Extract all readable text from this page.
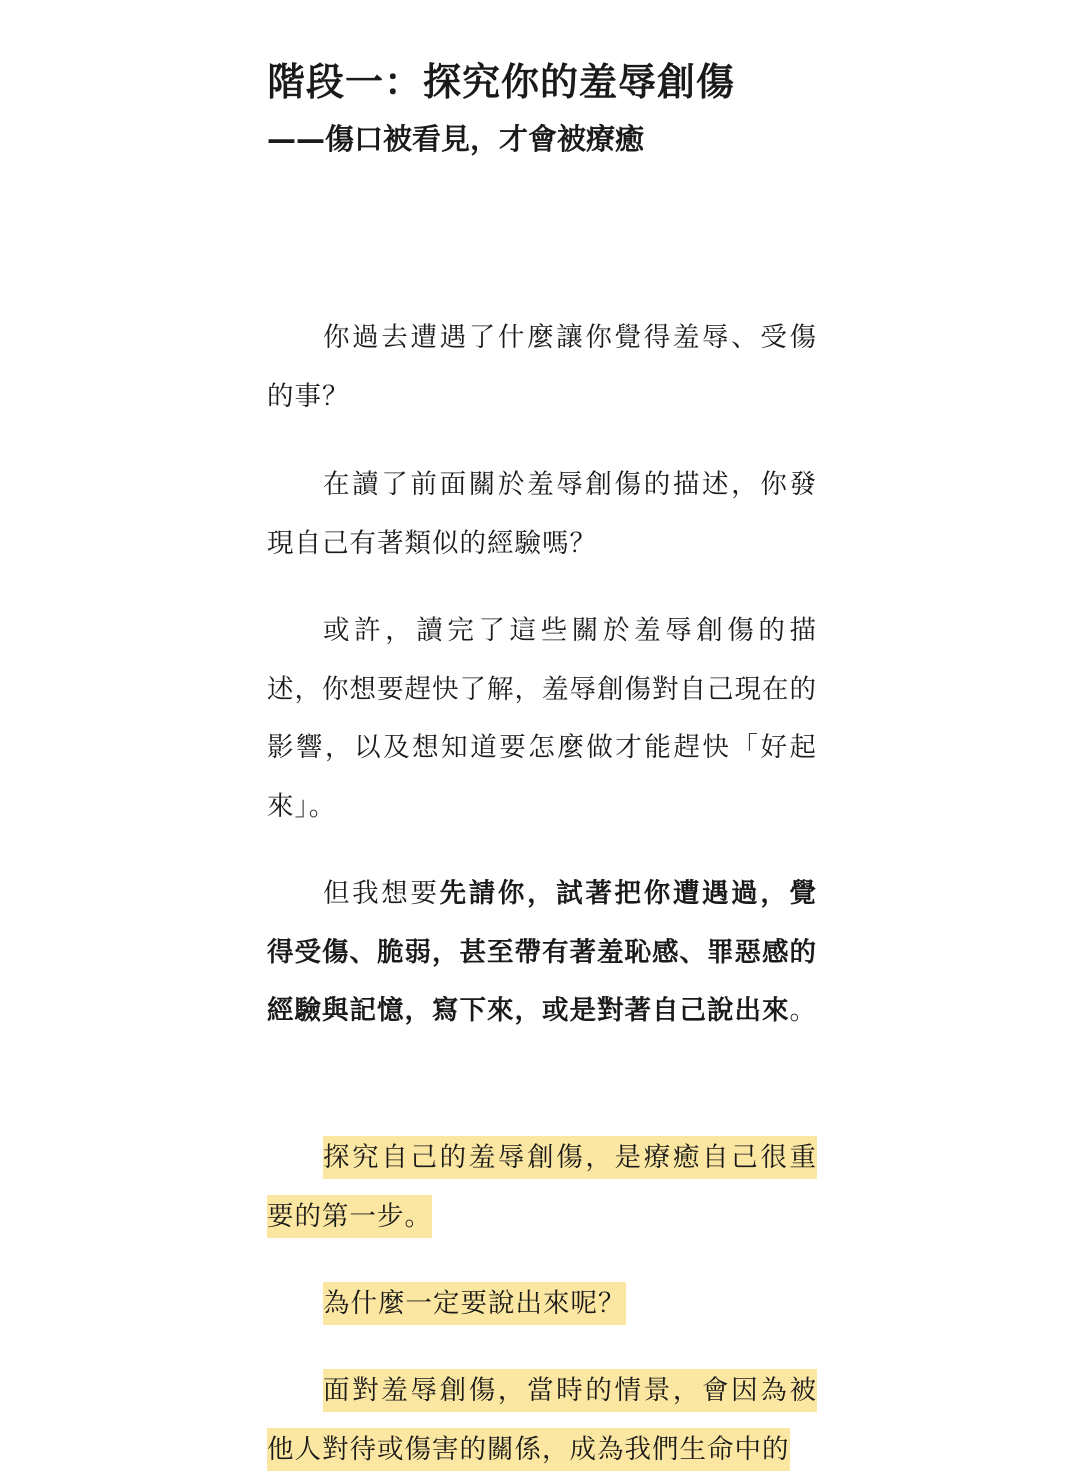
階段一：探究你的羞辱創傷
——傷口被看見，才會被療癒

你過去遭遇了什麼讓你覺得羞辱、受傷的事？

在讀了前面關於羞辱創傷的描述，你發現自己有著類似的經驗嗎？

或許，讀完了這些關於羞辱創傷的描述，你想要趕快了解，羞辱創傷對自己現在的影響，以及想知道要怎麼做才能趕快「好起來」。

但我想要先請你，試著把你遭遇過，覺得受傷、脆弱，甚至帶有著羞恥感、罪惡感的經驗與記憶，寫下來，或是對著自己說出來。

探究自己的羞辱創傷，是療癒自己很重要的第一步。

為什麼一定要說出來呢？

面對羞辱創傷，當時的情景，會因為被他人對待或傷害的關係，成為我們生命中的
